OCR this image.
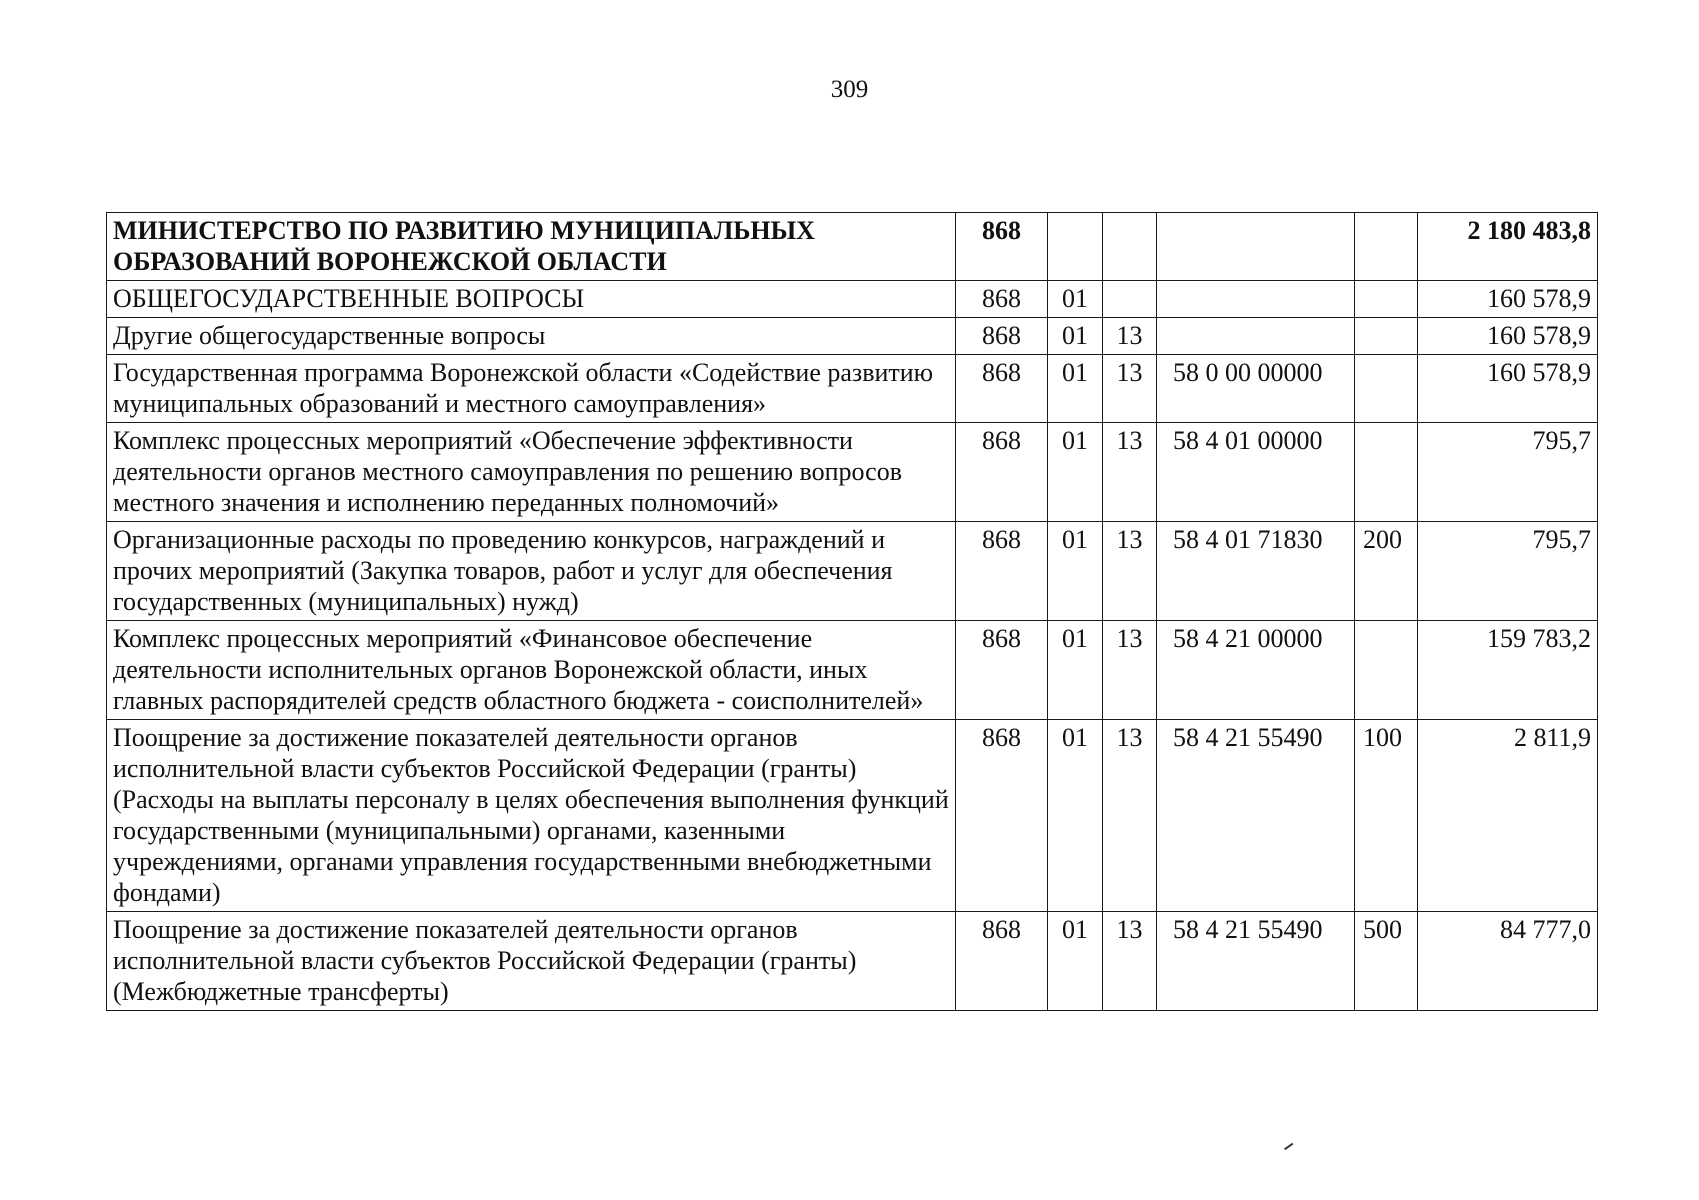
309
МИНИСТЕРСТВО ПО РАЗВИТИЮ МУНИЦИПАЛЬНЫХ ОБРАЗОВАНИЙ ВОРОНЕЖСКОЙ ОБЛАСТИ	868					2 180 483,8
ОБЩЕГОСУДАРСТВЕННЫЕ ВОПРОСЫ	868	01				160 578,9
Другие общегосударственные вопросы	868	01	13			160 578,9
Государственная программа Воронежской области «Содействие развитию муниципальных образований и местного самоуправления»	868	01	13	58 0 00 00000		160 578,9
Комплекс процессных мероприятий «Обеспечение эффективности деятельности органов местного самоуправления по решению вопросов местного значения и исполнению переданных полномочий»	868	01	13	58 4 01 00000		795,7
Организационные расходы по проведению конкурсов, награждений и прочих мероприятий (Закупка товаров, работ и услуг для обеспечения государственных (муниципальных) нужд)	868	01	13	58 4 01 71830	200	795,7
Комплекс процессных мероприятий «Финансовое обеспечение деятельности исполнительных органов Воронежской области, иных главных распорядителей средств областного бюджета - соисполнителей»	868	01	13	58 4 21 00000		159 783,2
Поощрение за достижение показателей деятельности органов исполнительной власти субъектов Российской Федерации (гранты) (Расходы на выплаты персоналу в целях обеспечения выполнения функций государственными (муниципальными) органами, казенными учреждениями, органами управления государственными внебюджетными фондами)	868	01	13	58 4 21 55490	100	2 811,9
Поощрение за достижение показателей деятельности органов исполнительной власти субъектов Российской Федерации (гранты) (Межбюджетные трансферты)	868	01	13	58 4 21 55490	500	84 777,0
